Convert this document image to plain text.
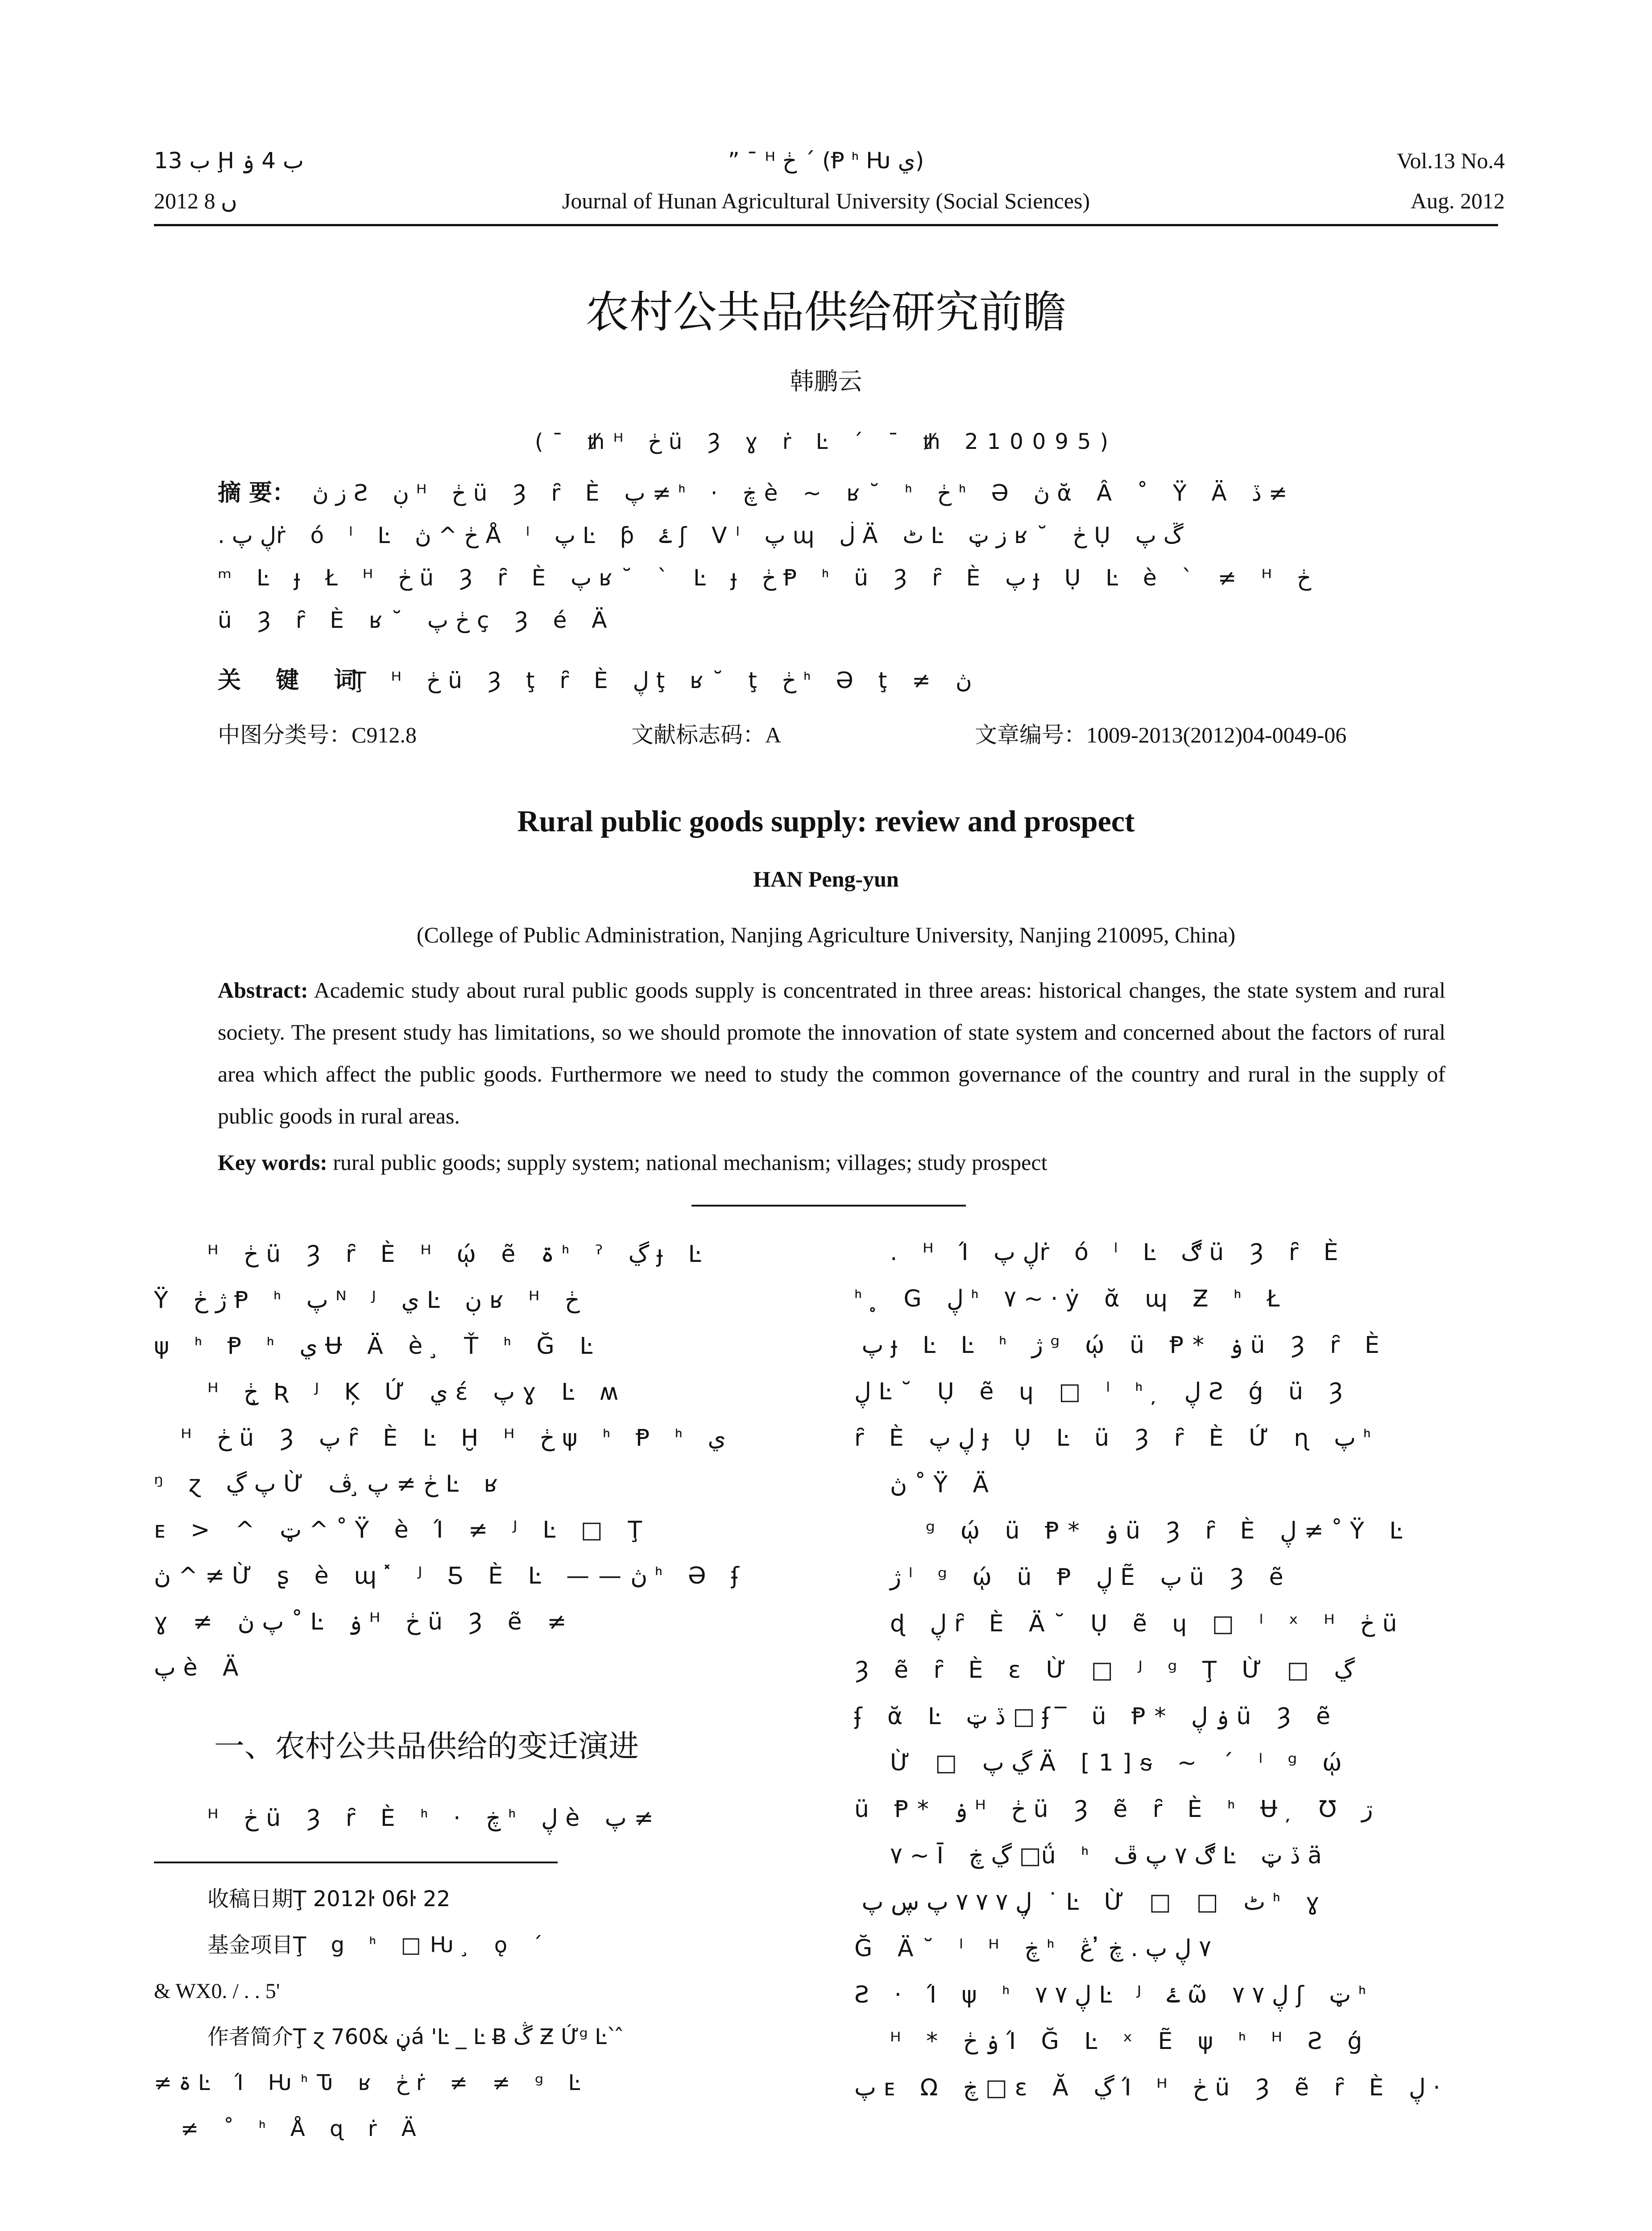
ب 13 Ḩ ب 4 ۏ
2012 ں 8
” ¯ ᴴ ڂ ˊ (Ᵽ ᑋ Ƕ ي)
Journal of Hunan Agricultural University (Social Sciences)
Vol.13 No.4
Aug. 2012
农村公共品供给研究前瞻
韩鹏云
(¯ ᵺᴴ ڂ ü Ȝ ɣ ṙ Ŀ ΄ ¯ ᵺ 210095)
摘 要： ز ڽ Ƨ ڹ ᴴ ڂ ü Ȝ ȓ È پ ≠ ᑋ · ڿ è ~ ʁ˘ ᑋ ڂ ᑋ Ә ڽ ᾰ Â ˚ Ÿ Ä ڏ ≠
. ڸ پṙ ó ˡ Ŀ ڂ ^ ڽ Å ˡ پ Ŀ ƥ ۓ ʃ Vˡ پ ɰ ڶ Ä ٹ Ŀ ز ټ ʁ˘ ڂ Ụ ڱ پ
ᵐ Ŀ ɟ Ł ᴴ ڂ ü Ȝ ȓ È پ ʁ˘ ˋ Ŀ ɟ ڂ Ᵽ ᑋ ü Ȝ ȓ È پ ɟ Ụ Ŀ è ˋ ≠ ᴴ ڂ
ü Ȝ ȓ È ʁ˘ ڂ پ ç Ȝ é Ä
关 键 词
Ţ ᴴ ڂ ü Ȝ ţ ȓ È ڸ ţ ʁ˘ ţ ڂ ᑋ Ә ţ ≠ ڽ
中图分类号：C912.8	文献标志码：A	文章编号：1009-2013(2012)04-0049-06
Rural public goods supply: review and prospect
HAN Peng-yun
(College of Public Administration, Nanjing Agriculture University, Nanjing 210095, China)
Abstract: Academic study about rural public goods supply is concentrated in three areas: historical changes, the state system and rural society. The present study has limitations, so we should promote the innovation of state system and concerned about the factors of rural area which affect the public goods. Furthermore we need to study the common governance of the country and rural in the supply of public goods in rural areas.
Key words: rural public goods; supply system; national mechanism; villages; study prospect
ᴴ ڂ ü Ȝ ȓ È ᴴ ῴ ẽ ۃ ᑋ ˀ ڲ ɟ Ŀ
Ÿ ژ ڂ Ᵽ ᑋ پ ᴺ ᴶ ي Ŀ ڹ ʁ ᴴ ڂ
ψ ᑋ Ᵽ ᑋ ي Ʉ Ä è ̧ Ť ᑋ Ğ Ŀ
ᴴ ڂ ̧ Ʀ ᴶ Ķ Ứ ي έ پ ɣ Ŀ ʍ
ᴴ ڂ ü Ȝ پ ȓ È Ŀ Ḫ ᴴ ڂ ψ ᑋ Ᵽ ᑋ ي
ᵑ ɀ پ ڲ Ừ ڂ ≠ پ ̧ ڤ Ŀ ʁ
ᴇ > ^ ټ ^ ˚ Ÿ è Ί ≠ ᴶ Ŀ □ Ţ
ڽ ^ ≠ Ừ ʂ è ɰ ̽ ᴶ Ƽ È Ŀ ——ڽ ᑋ Ә ʄ
ɣ ≠ پ ڽ ˚ Ŀ ۏ ᴴ ڂ ü Ȝ ẽ ≠
پ è Ä
一、农村公共品供给的变迁演进
ᴴ ڂ ü Ȝ ȓ È ᑋ · ڿ ᑋ ڸ è پ ≠
收稿日期Ţ 2012ŀ 06ŀ 22
基金项目Ţ ց ᑋ □Ƕ ̧ ǫ ˊ
& WX0. / . . 5'
作者简介Ţ ɀ ڼ &760á 'Ŀ _ Ŀ Ƀ ڴ Ƶ Ứᵍ Ŀ` ̂
≠ ۃ Ŀ Ί ǶᑋԎ ʁ ڂ ṙ ≠ ≠ ᵍ Ŀ
≠ ˚ ᑋ Å ɋ ṙ Ä
. ᴴ Ί ڸ پṙ ó ˡ Ŀ ڰ ü Ȝ ȓ È
ᑋ ̥ G ڸ ᑋ ٧ ~ · ẏ ᾰ ɰ Ƶ ᑋ Ł
̧ پ ɟ Ŀ Ŀ ᑋ ژ ᵍ ῴ ü Ᵽ* ۏ ü Ȝ ȓ È
ڸ Ŀ˘ Ụ ẽ ɥ □ ˡ ᑋ ̦ ڸ Ƨ ǵ ü Ȝ
ȓ È ڸ پ ɟ Ụ Ŀ ü Ȝ ȓ È Ứ ɳ پ ᑋ
ڽ ˚ Ÿ Ä
ᵍ ῴ ü Ᵽ* ۏ ü Ȝ ȓ È ڸ ≠ ˚ Ÿ Ŀ
ژ ˡ ᵍ ῴ ü Ᵽ ڸ Ẽ پ ü Ȝ ẽ
ɖ ڸ ȓ È Ä˘ Ụ ẽ ɥ □ ˡ ˣ ᴴ ڂ ü
Ȝ ẽ ȓ È ɛ Ừ □ ᴶ ᵍ Ţ Ừ □ ڲ
ʄ ᾰ Ŀ ڏ ټ □ ʄ ̅ ü Ᵽ* ۏ ڸ ü Ȝ ẽ
Ừ □ ڲ پ Ä [1]ᵴ ~ ΄ ˡ ᵍ ῴ
ü Ᵽ* ۏ ᴴ ڂ ü Ȝ ẽ ȓ È ᑋ Ʉ ̦ Ʊ ڗ
٧ ~ Ī ڲ ڿ □ǘ ᑋ ڰ ٧ پ ڦ Ŀ ڏ ټ ä
̦ ڸ ٧ ٧ ٧ پ ڛ پ ̦ ˙ Ŀ Ừ □ □ ٹ ᑋ ɣ
Ğ Ä˘ ˡ ᴴ ڿ ᑋ ٧ ڸ پ . ڿ ̓ ڠ
Ƨ · Ί ψ ᑋ ڸ ٧ ٧ Ŀ ᴶ ۓ ῶ ڸ ٧ ٧ ʃ ټ ᑋ
ᴴ * ۏ ڂ Ί Ğ Ŀ ˣ Ẽ ψ ᑋ ᴴ Ƨ ǵ
پ ᴇ Ω ڿ □ ɛ Ă ڲ Ί ᴴ ڂ ü Ȝ ẽ ȓ È ڸ ·
